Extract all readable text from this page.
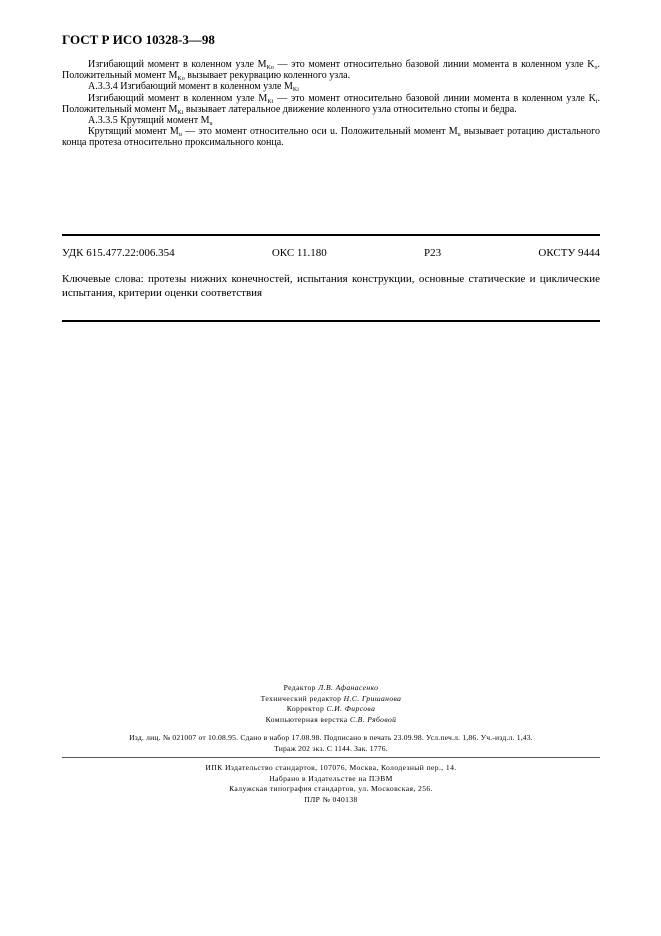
ГОСТ Р ИСО 10328-3—98

Изгибающий момент в коленном узле $M_{Ko}$ — это момент относительно базовой линии момента в коленном узле $K_o$. Положительный момент $M_{Ko}$ вызывает рекурвацию коленного узла.

А.3.3.4 Изгибающий момент в коленном узле $M_{Ki}$

Изгибающий момент в коленном узле $M_{Ki}$ — это момент относительно базовой линии момента в коленном узле $K_i$. Положительный момент $M_{Ki}$ вызывает латеральное движение коленного узла относительно стопы и бедра.

А.3.3.5 Крутящий момент $M_u$

Крутящий момент $M_u$ — это момент относительно оси u. Положительный момент $M_u$ вызывает ротацию дистального конца протеза относительно проксимального конца.

УДК 615.477.22:006.354	ОКС 11.180	Р23	ОКСТУ 9444
Ключевые слова: протезы нижних конечностей, испытания конструкции, основные статические и циклические испытания, критерии оценки соответствия
Редактор Л.В. Афанасенко
Технический редактор Н.С. Гришанова
Корректор С.И. Фирсова
Компьютерная верстка С.В. Рябовой
Изд. лиц. № 021007 от 10.08.95. Сдано в набор 17.08.98. Подписано в печать 23.09.98. Усл.печ.л. 1,86. Уч.-изд.л. 1,43.
Тираж 202 экз. С 1144. Зак. 1776.
ИПК Издательство стандартов, 107076, Москва, Колодезный пер., 14.
Набрано в Издательстве на ПЭВМ
Калужская типография стандартов, ул. Московская, 256.
ПЛР № 040138
